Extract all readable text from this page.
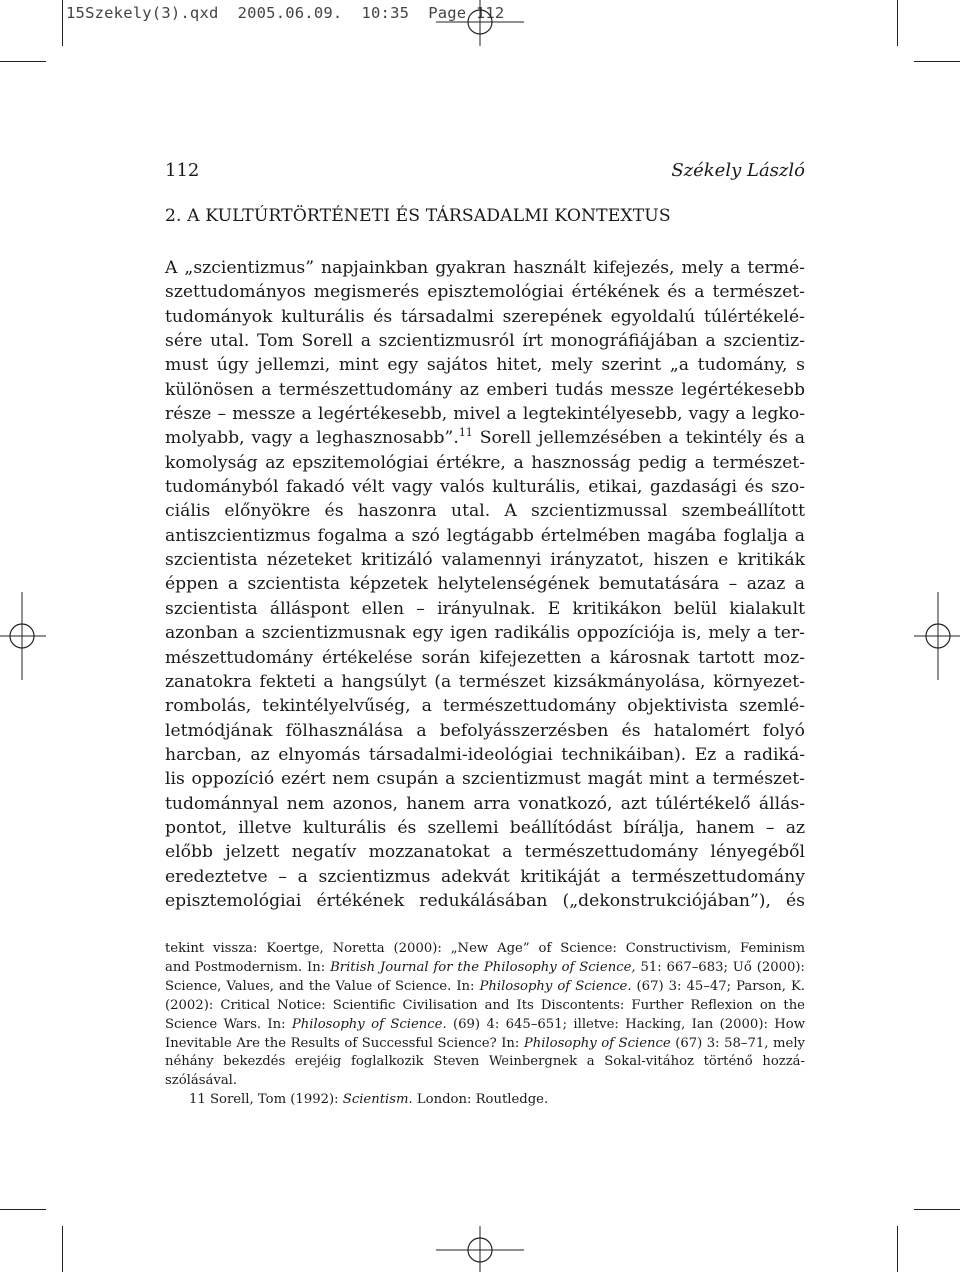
15Szekely(3).qxd  2005.06.09.  10:35  Page 112
112	Székely László
2. A KULTÚRTÖRTÉNETI ÉS TÁRSADALMI KONTEXTUS
A „szcientizmus” napjainkban gyakran használt kifejezés, mely a termé-
szettudományos megismerés episztemológiai értékének és a természet-
tudományok kulturális és társadalmi szerepének egyoldalú túlértékelé-
sére utal. Tom Sorell a szcientizmusról írt monográfiájában a szcientiz-
must úgy jellemzi, mint egy sajátos hitet, mely szerint „a tudomány, s
különösen a természettudomány az emberi tudás messze legértékesebb
része – messze a legértékesebb, mivel a legtekintélyesebb, vagy a legko-
molyabb, vagy a leghasznosabb”.$^{11}$ Sorell jellemzésében a tekintély és a
komolyság az epszitemológiai értékre, a hasznosság pedig a természet-
tudományból fakadó vélt vagy valós kulturális, etikai, gazdasági és szo-
ciális előnyökre és haszonra utal. A szcientizmussal szembeállított
antiszcientizmus fogalma a szó legtágabb értelmében magába foglalja a
szcientista nézeteket kritizáló valamennyi irányzatot, hiszen e kritikák
éppen a szcientista képzetek helytelenségének bemutatására – azaz a
szcientista álláspont ellen – irányulnak. E kritikákon belül kialakult
azonban a szcientizmusnak egy igen radikális oppozíciója is, mely a ter-
mészettudomány értékelése során kifejezetten a károsnak tartott moz-
zanatokra fekteti a hangsúlyt (a természet kizsákmányolása, környezet-
rombolás, tekintélyelvűség, a természettudomány objektivista szemlé-
letmódjának fölhasználása a befolyásszerzésben és hatalomért folyó
harcban, az elnyomás társadalmi-ideológiai technikáiban). Ez a radiká-
lis oppozíció ezért nem csupán a szcientizmust magát mint a természet-
tudománnyal nem azonos, hanem arra vonatkozó, azt túlértékelő állás-
pontot, illetve kulturális és szellemi beállítódást bírálja, hanem – az
előbb jelzett negatív mozzanatokat a természettudomány lényegéből
eredeztetve – a szcientizmus adekvát kritikáját a természettudomány
episztemológiai értékének redukálásában („dekonstrukciójában”), és
tekint vissza: Koertge, Noretta (2000): „New Age” of Science: Constructivism, Feminism
and Postmodernism. In: British Journal for the Philosophy of Science, 51: 667–683; Uő (2000):
Science, Values, and the Value of Science. In: Philosophy of Science. (67) 3: 45–47; Parson, K.
(2002): Critical Notice: Scientific Civilisation and Its Discontents: Further Reflexion on the
Science Wars. In: Philosophy of Science. (69) 4: 645–651; illetve: Hacking, Ian (2000): How
Inevitable Are the Results of Successful Science? In: Philosophy of Science (67) 3: 58–71, mely
néhány bekezdés erejéig foglalkozik Steven Weinbergnek a Sokal-vitához történő hozzá-
szólásával.
11 Sorell, Tom (1992): Scientism. London: Routledge.
